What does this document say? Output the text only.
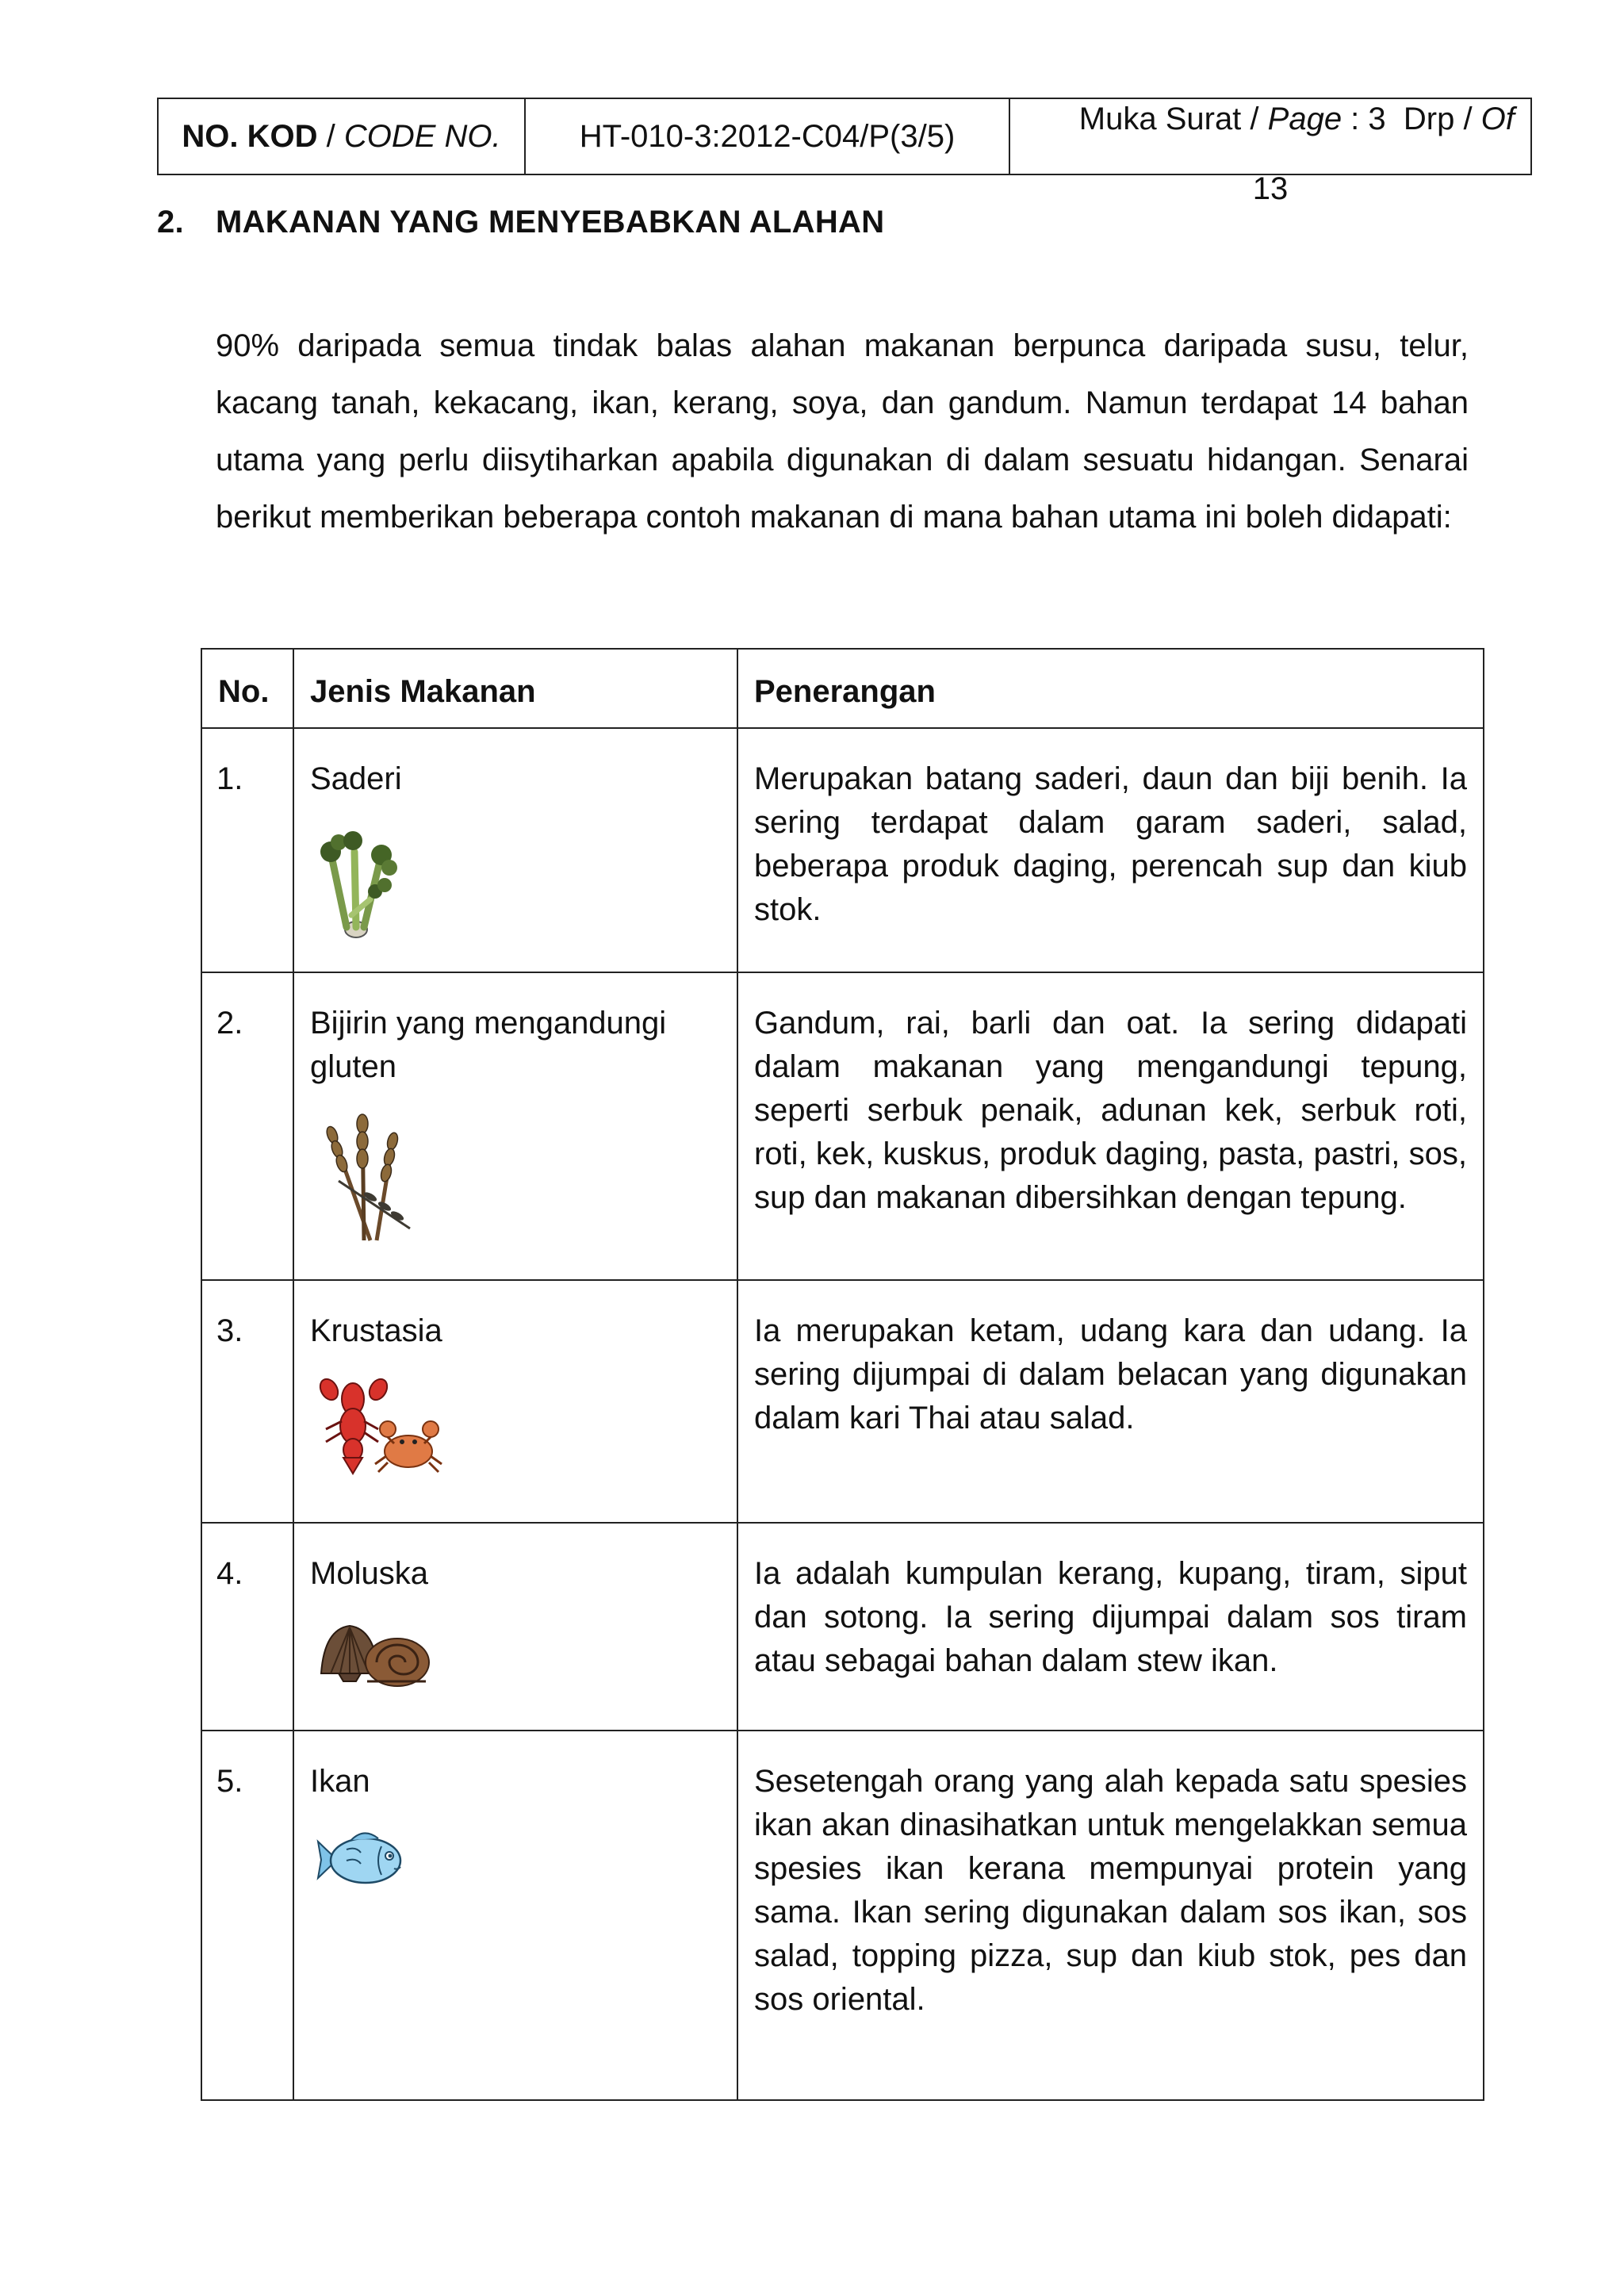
NO. KOD / CODE NO. HT-010-3:2012-C04/P(3/5)	Muka Surat / Page : 3  Drp / Of

13
2. MAKANAN YANG MENYEBABKAN ALAHAN

90% daripada semua tindak balas alahan makanan berpunca daripada susu, telur, kacang tanah, kekacang, ikan, kerang, soya, dan gandum. Namun terdapat 14 bahan utama yang perlu diisytiharkan apabila digunakan di dalam sesuatu hidangan. Senarai berikut memberikan beberapa contoh makanan di mana bahan utama ini boleh didapati:

No.	Jenis Makanan	Penerangan
1.	Saderi	Merupakan batang saderi, daun dan biji benih. Ia sering terdapat dalam garam saderi, salad, beberapa produk daging, perencah sup dan kiub stok.
2.	Bijirin yang mengandungi gluten	Gandum, rai, barli dan oat. Ia sering didapati dalam makanan yang mengandungi tepung, seperti serbuk penaik, adunan kek, serbuk roti, roti, kek, kuskus, produk daging, pasta, pastri, sos, sup dan makanan dibersihkan dengan tepung.
3.	Krustasia	Ia merupakan ketam, udang kara dan udang. Ia sering dijumpai di dalam belacan yang digunakan dalam kari Thai atau salad.
4.	Moluska	Ia adalah kumpulan kerang, kupang, tiram, siput dan sotong. Ia sering dijumpai dalam sos tiram atau sebagai bahan dalam stew ikan.
5.	Ikan	Sesetengah orang yang alah kepada satu spesies ikan akan dinasihatkan untuk mengelakkan semua spesies ikan kerana mempunyai protein yang sama. Ikan sering digunakan dalam sos ikan, sos salad, topping pizza, sup dan kiub stok, pes dan sos oriental.
